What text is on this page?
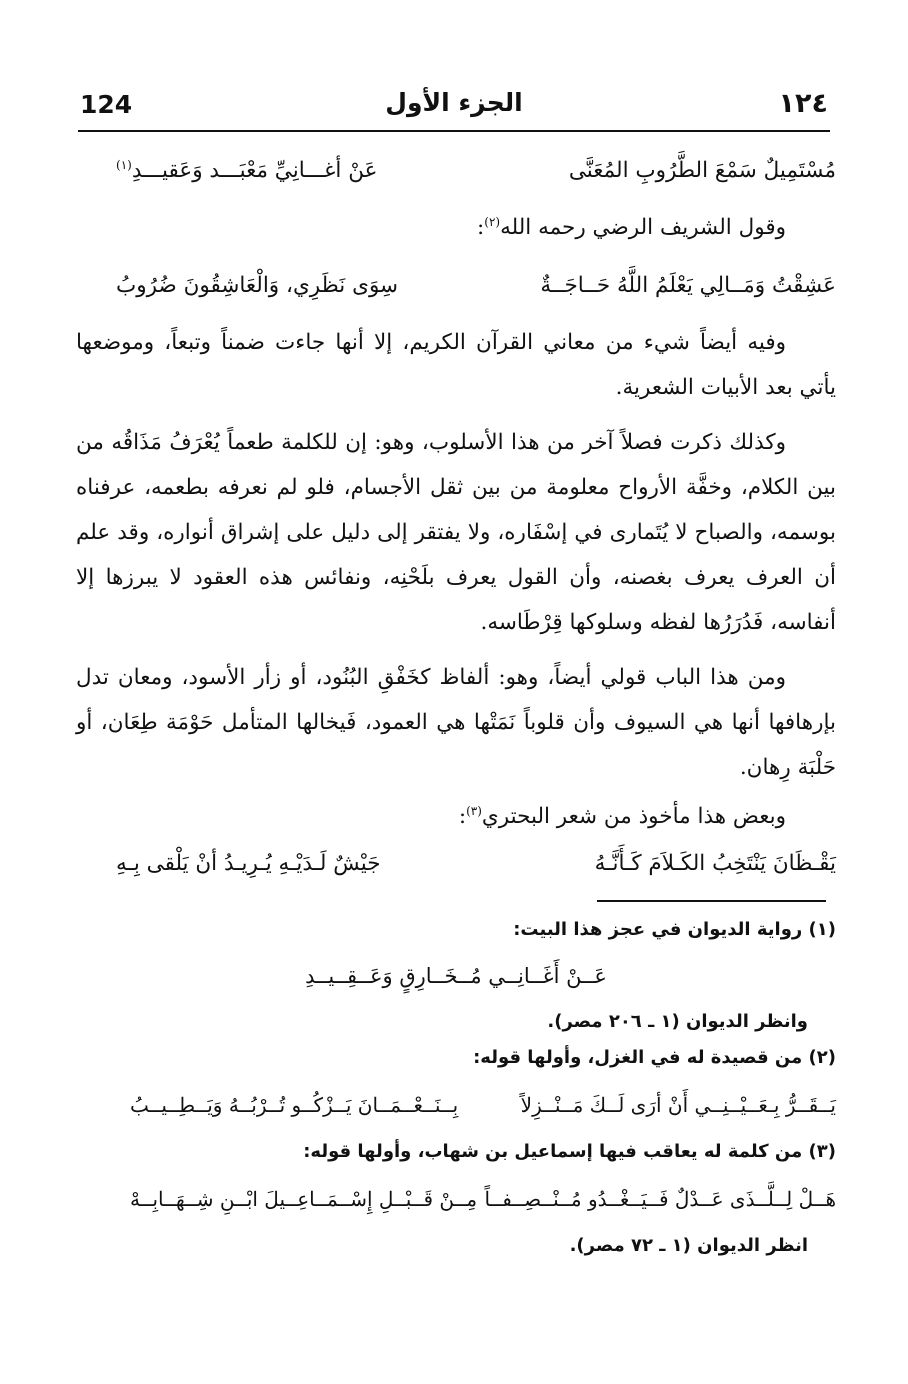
124	الجزء الأول	١٢٤
مُسْتَمِيلٌ سَمْعَ الطَّرُوبِ المُعَنَّى
عَنْ أغـــانِيِّ مَعْبَـــد وَعَقيـــدِ$^{(١)}$
وقول الشريف الرضي رحمه الله$^{(٢)}$:
عَشِقْتُ وَمَــالِي يَعْلَمُ اللَّهُ حَــاجَــةٌ
سِوَى نَظَرِي، وَالْعَاشِقُونَ ضُرُوبُ

وفيه أيضاً شيء من معاني القرآن الكريم، إلا أنها جاءت ضمناً وتبعاً، وموضعها يأتي بعد الأبيات الشعرية.

وكذلك ذكرت فصلاً آخر من هذا الأسلوب، وهو: إن للكلمة طعماً يُعْرَفُ مَذَاقُه من بين الكلام، وخفَّة الأرواح معلومة من بين ثقل الأجسام، فلو لم نعرفه بطعمه، عرفناه بوسمه، والصباح لا يُتَمارى في إسْفَاره، ولا يفتقر إلى دليل على إشراق أنواره، وقد علم أن العرف يعرف بغصنه، وأن القول يعرف بلَحْنِه، ونفائس هذه العقود لا يبرزها إلا أنفاسه، فَدُرَرُها لفظه وسلوكها قِرْطَاسه.

ومن هذا الباب قولي أيضاً، وهو: ألفاظ كخَفْقِ البُنُود، أو زأر الأسود، ومعان تدل بإرهافها أنها هي السيوف وأن قلوباً نَمَتْها هي العمود، فَيخالها المتأمل حَوْمَة طِعَان، أو حَلْبَة رِهان.

وبعض هذا مأخوذ من شعر البحتري$^{(٣)}$:
يَقْـظَانَ يَنْتَخِبُ الكَـلاَمَ كَـأَنَّـهُ
جَيْشٌ لَـدَيْـهِ يُـرِيـدُ أنْ يَلْقى بِـهِ
(١) رواية الديوان في عجز هذا البيت:
عَــنْ أَغَــانِــي مُــخَــارِقٍ وَعَــقِــيــدِ
وانظر الديوان (١ ـ ٢٠٦ مصر).
(٢) من قصيدة له في الغزل، وأولها قوله:
يَــقَــرُّ بِـعَــيْــنِــي أَنْ أرَى لَــكَ مَــنْــزِلاً
بِــنَــعْــمَــانَ يَــزْكُــو تُــرْبُــهُ وَيَــطِــيــبُ
(٣) من كلمة له يعاقب فيها إسماعيل بن شهاب، وأولها قوله:
هَــلْ لِــلَّــذَى عَــدْلٌ فَــيَــغْــدُو مُــنْــصِــفــاً
مِــنْ قَــبْــلِ إِسْــمَــاعِــيلَ ابْــنِ شِــهَــابِــهْ
انظر الديوان (١ ـ ٧٢ مصر).
